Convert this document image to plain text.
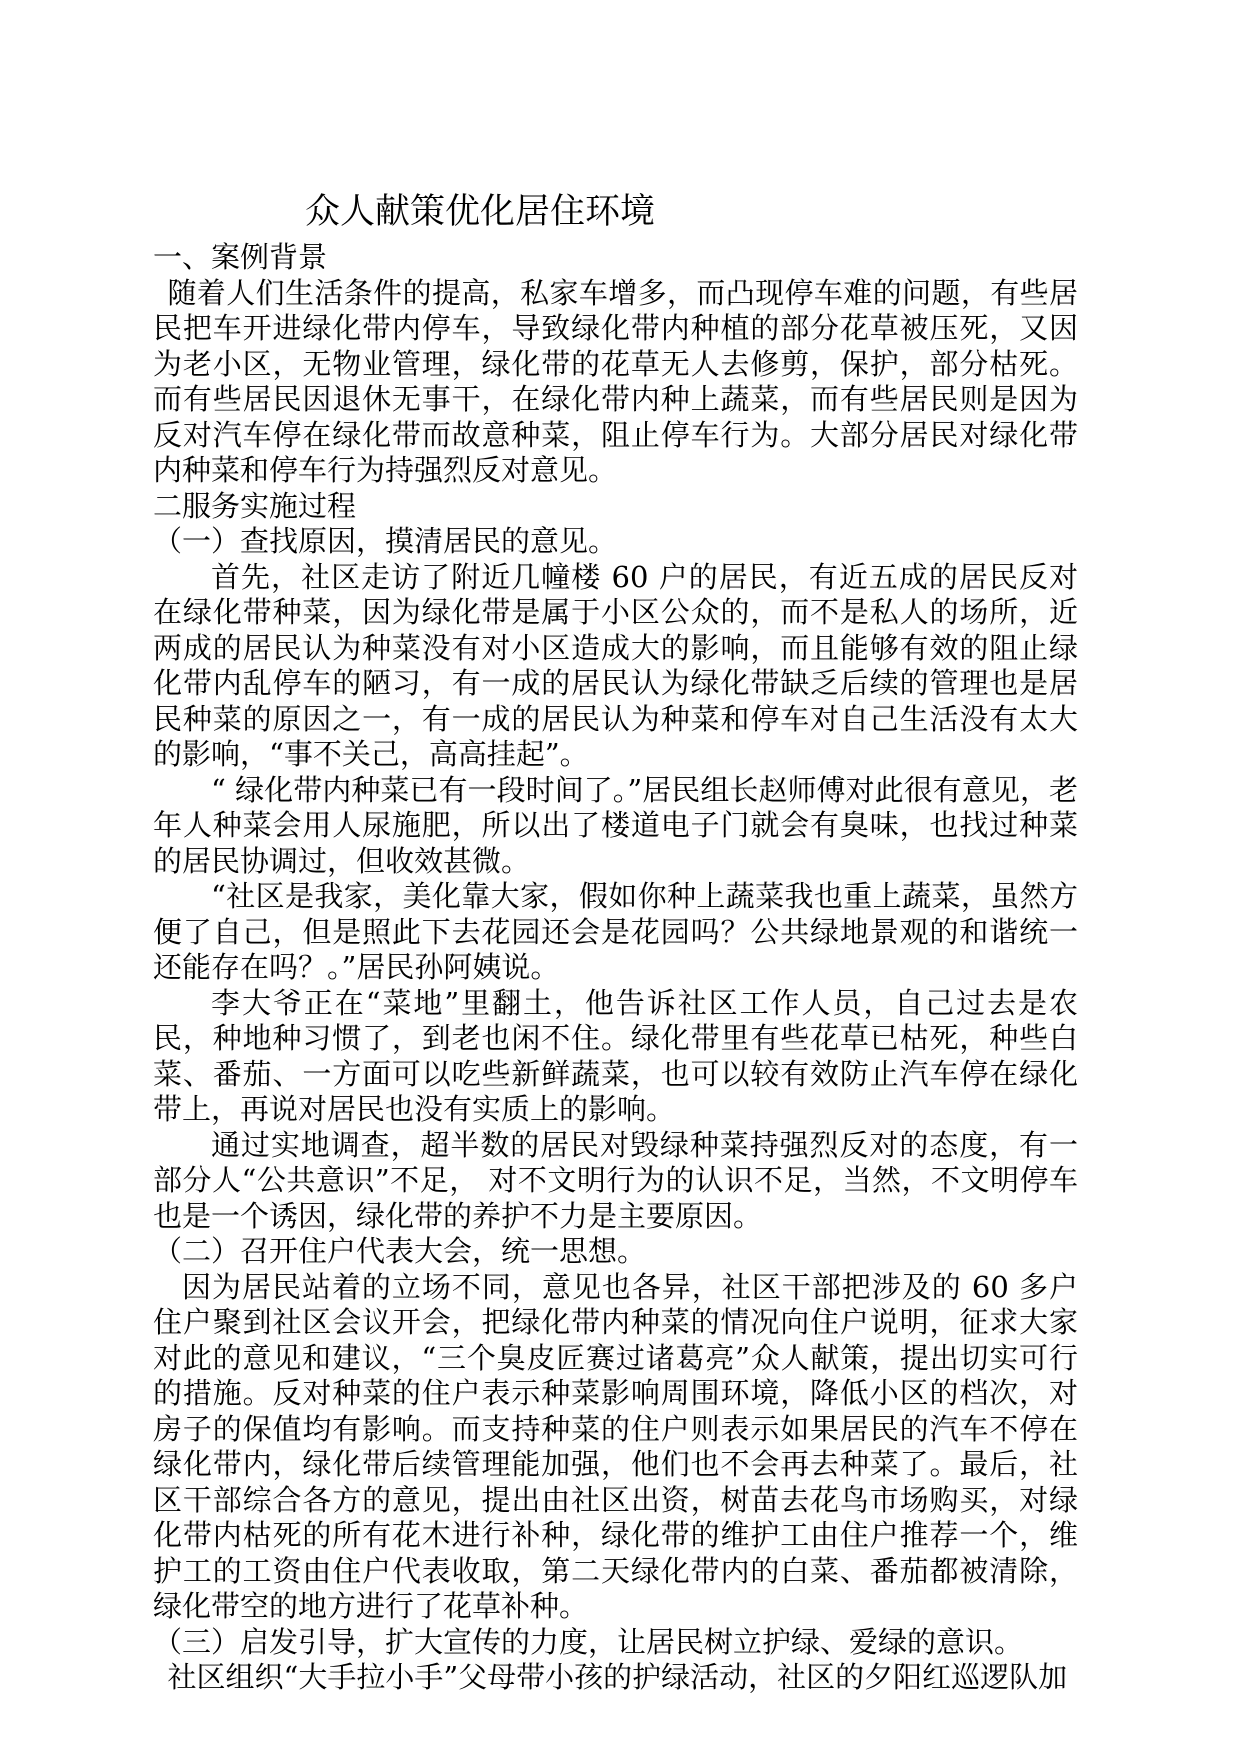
众人献策优化居住环境

一、案例背景

随着人们生活条件的提高，私家车增多，而凸现停车难的问题，有些居民把车开进绿化带内停车，导致绿化带内种植的部分花草被压死，又因为老小区，无物业管理，绿化带的花草无人去修剪，保护，部分枯死。而有些居民因退休无事干，在绿化带内种上蔬菜，而有些居民则是因为反对汽车停在绿化带而故意种菜，阻止停车行为。大部分居民对绿化带内种菜和停车行为持强烈反对意见。

二服务实施过程

（一）查找原因，摸清居民的意见。

首先，社区走访了附近几幢楼 60 户的居民，有近五成的居民反对在绿化带种菜，因为绿化带是属于小区公众的，而不是私人的场所，近两成的居民认为种菜没有对小区造成大的影响，而且能够有效的阻止绿化带内乱停车的陋习，有一成的居民认为绿化带缺乏后续的管理也是居民种菜的原因之一，有一成的居民认为种菜和停车对自己生活没有太大的影响，“事不关己，高高挂起”。

“ 绿化带内种菜已有一段时间了。”居民组长赵师傅对此很有意见，老年人种菜会用人尿施肥，所以出了楼道电子门就会有臭味，也找过种菜的居民协调过，但收效甚微。

“社区是我家，美化靠大家，假如你种上蔬菜我也重上蔬菜，虽然方便了自己，但是照此下去花园还会是花园吗？公共绿地景观的和谐统一还能存在吗？。”居民孙阿姨说。

李大爷正在“菜地”里翻土，他告诉社区工作人员，自己过去是农民，种地种习惯了，到老也闲不住。绿化带里有些花草已枯死，种些白菜、番茄、一方面可以吃些新鲜蔬菜，也可以较有效防止汽车停在绿化带上，再说对居民也没有实质上的影响。

通过实地调查，超半数的居民对毁绿种菜持强烈反对的态度，有一部分人“公共意识”不足， 对不文明行为的认识不足，当然，不文明停车也是一个诱因，绿化带的养护不力是主要原因。

（二）召开住户代表大会，统一思想。

因为居民站着的立场不同，意见也各异，社区干部把涉及的 60 多户住户聚到社区会议开会，把绿化带内种菜的情况向住户说明，征求大家对此的意见和建议，“三个臭皮匠赛过诸葛亮”众人献策，提出切实可行的措施。反对种菜的住户表示种菜影响周围环境，降低小区的档次，对房子的保值均有影响。而支持种菜的住户则表示如果居民的汽车不停在绿化带内，绿化带后续管理能加强，他们也不会再去种菜了。最后，社区干部综合各方的意见，提出由社区出资，树苗去花鸟市场购买，对绿化带内枯死的所有花木进行补种，绿化带的维护工由住户推荐一个，维护工的工资由住户代表收取，第二天绿化带内的白菜、番茄都被清除，绿化带空的地方进行了花草补种。

（三）启发引导，扩大宣传的力度，让居民树立护绿、爱绿的意识。

社区组织“大手拉小手”父母带小孩的护绿活动，社区的夕阳红巡逻队加
